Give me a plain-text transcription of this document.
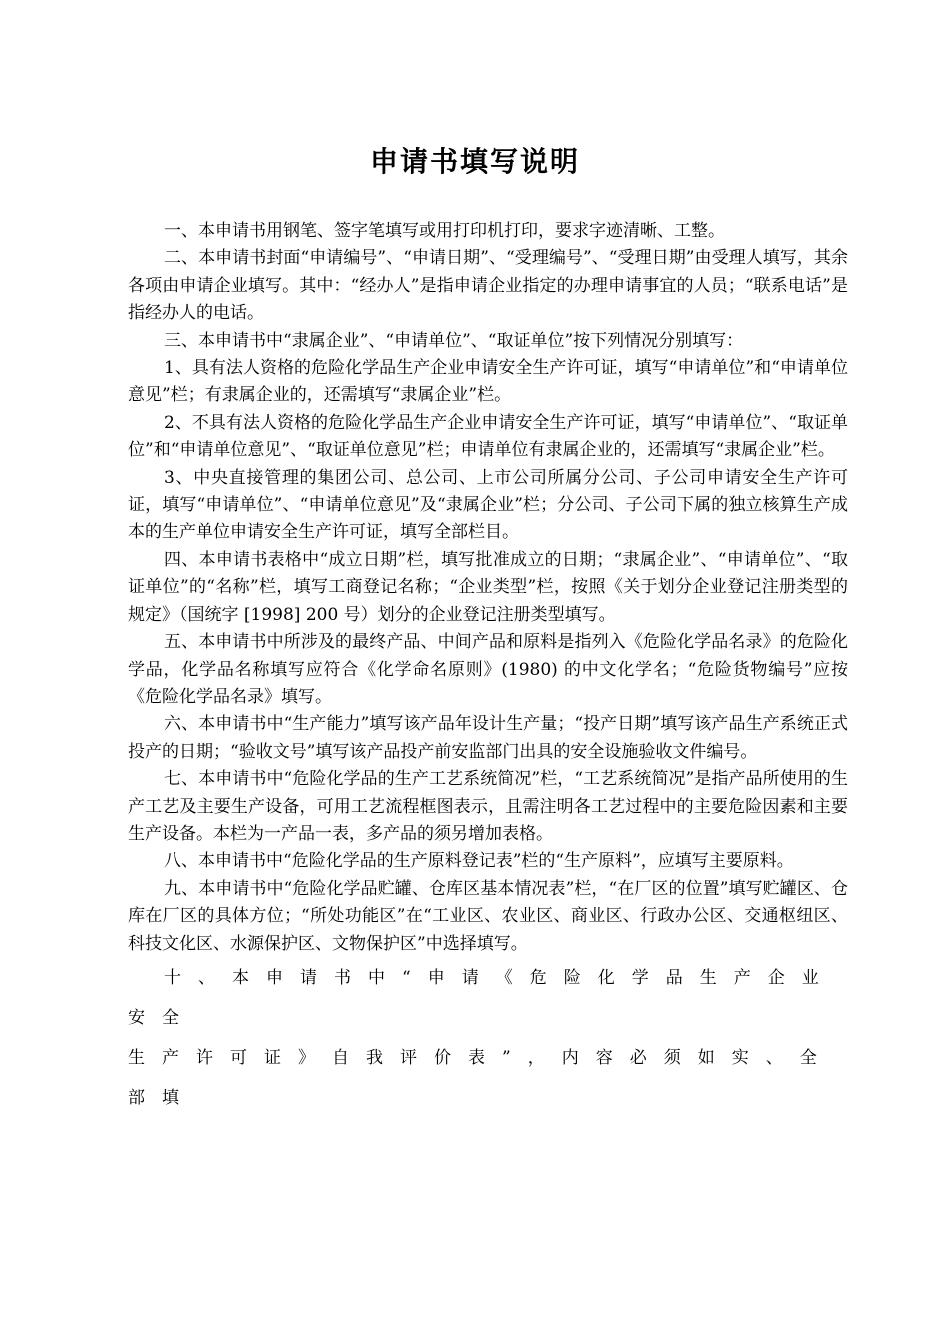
申请书填写说明

一、本申请书用钢笔、签字笔填写或用打印机打印，要求字迹清晰、工整。

二、本申请书封面“申请编号”、“申请日期”、“受理编号”、“受理日期”由受理人填写，其余各项由申请企业填写。其中：“经办人”是指申请企业指定的办理申请事宜的人员；“联系电话”是指经办人的电话。

三、本申请书中“隶属企业”、“申请单位”、“取证单位”按下列情况分别填写：

1、具有法人资格的危险化学品生产企业申请安全生产许可证，填写“申请单位”和“申请单位意见”栏；有隶属企业的，还需填写“隶属企业”栏。

2、不具有法人资格的危险化学品生产企业申请安全生产许可证，填写“申请单位”、“取证单位”和“申请单位意见”、“取证单位意见”栏；申请单位有隶属企业的，还需填写“隶属企业”栏。

3、中央直接管理的集团公司、总公司、上市公司所属分公司、子公司申请安全生产许可证，填写“申请单位”、“申请单位意见”及“隶属企业”栏；分公司、子公司下属的独立核算生产成本的生产单位申请安全生产许可证，填写全部栏目。

四、本申请书表格中“成立日期”栏，填写批准成立的日期；“隶属企业”、“申请单位”、“取证单位”的“名称”栏，填写工商登记名称；“企业类型”栏，按照《关于划分企业登记注册类型的规定》（国统字 [1998] 200 号）划分的企业登记注册类型填写。

五、本申请书中所涉及的最终产品、中间产品和原料是指列入《危险化学品名录》的危险化学品，化学品名称填写应符合《化学命名原则》(1980) 的中文化学名；“危险货物编号”应按《危险化学品名录》填写。

六、本申请书中“生产能力”填写该产品年设计生产量；“投产日期”填写该产品生产系统正式投产的日期；“验收文号”填写该产品投产前安监部门出具的安全设施验收文件编号。

七、本申请书中“危险化学品的生产工艺系统简况”栏，“工艺系统简况”是指产品所使用的生产工艺及主要生产设备，可用工艺流程框图表示，且需注明各工艺过程中的主要危险因素和主要生产设备。本栏为一产品一表，多产品的须另增加表格。

八、本申请书中“危险化学品的生产原料登记表”栏的“生产原料”，应填写主要原料。

九、本申请书中“危险化学品贮罐、仓库区基本情况表”栏，“在厂区的位置”填写贮罐区、仓库在厂区的具体方位；“所处功能区”在“工业区、农业区、商业区、行政办公区、交通枢纽区、科技文化区、水源保护区、文物保护区”中选择填写。

十、本申请书中“申请《危险化学品生产企业安全

生产许可证》自我评价表”，内容必须如实、全部填
